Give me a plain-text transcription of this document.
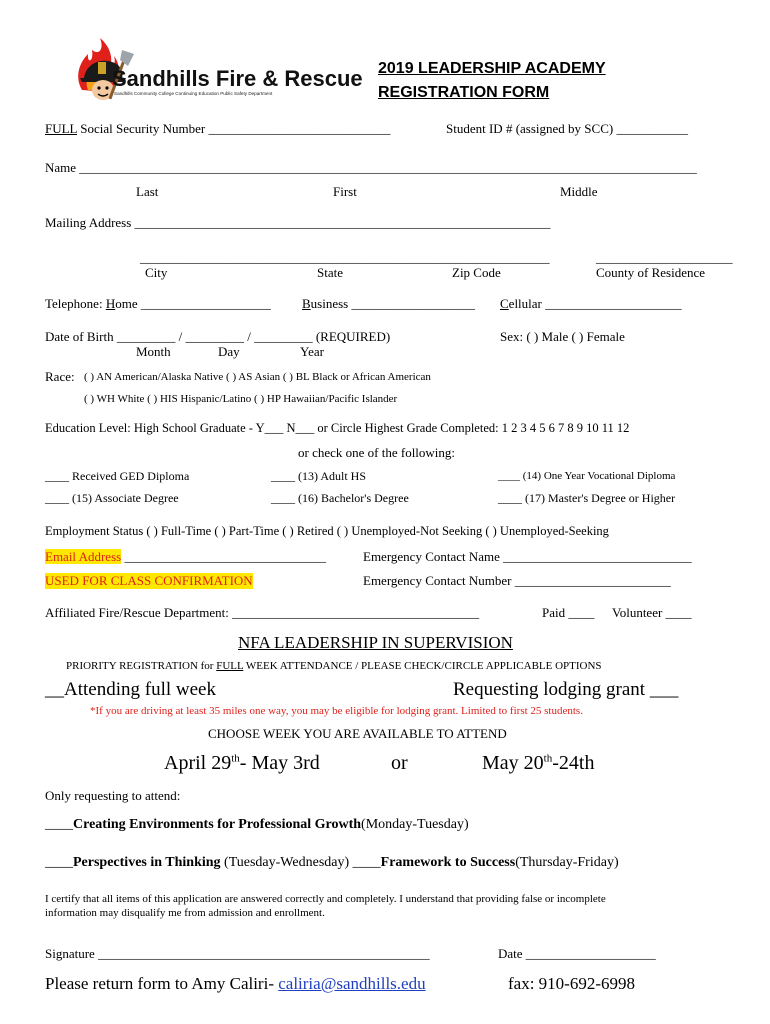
Sandhills Fire & Rescue
Sandhills Community College Continuing Education Public Safety Department
2019 LEADERSHIP ACADEMY
REGISTRATION FORM
FULL Social Security Number ____________________________	Student ID # (assigned by SCC) ___________
Name _______________________________________________________________________________________________
Last	First	Middle
Mailing Address ________________________________________________________________
_______________________________________________________________	_____________________
City	State	Zip Code	County of Residence
Telephone: Home ____________________ Business ___________________ Cellular _____________________
Date of Birth _________ / _________ / _________ (REQUIRED)
Month	Day	Year
Sex: ( ) Male ( ) Female
Race: ( ) AN American/Alaska Native ( ) AS Asian ( ) BL Black or African American
( ) WH White ( ) HIS Hispanic/Latino ( ) HP Hawaiian/Pacific Islander
Education Level: High School Graduate - Y___ N___ or Circle Highest Grade Completed: 1 2 3 4 5 6 7 8 9 10 11 12
or check one of the following:
____ Received GED Diploma	____ (13) Adult HS	____ (14) One Year Vocational Diploma
____ (15) Associate Degree	____ (16) Bachelor's Degree	____ (17) Master's Degree or Higher
Employment Status ( ) Full-Time ( ) Part-Time ( ) Retired ( ) Unemployed-Not Seeking ( ) Unemployed-Seeking
Email Address _______________________________
USED FOR CLASS CONFIRMATION
Emergency Contact Name _____________________________
Emergency Contact Number ________________________
Affiliated Fire/Rescue Department: ______________________________________	Paid ____ Volunteer ____
NFA LEADERSHIP IN SUPERVISION
PRIORITY REGISTRATION for FULL WEEK ATTENDANCE / PLEASE CHECK/CIRCLE APPLICABLE OPTIONS
__Attending full week	Requesting lodging grant ___
*If you are driving at least 35 miles one way, you may be eligible for lodging grant. Limited to first 25 students.
CHOOSE WEEK YOU ARE AVAILABLE TO ATTEND
April 29th- May 3rd	or	May 20th-24th
Only requesting to attend:
____Creating Environments for Professional Growth(Monday-Tuesday)
____Perspectives in Thinking (Tuesday-Wednesday) ____Framework to Success(Thursday-Friday)
I certify that all items of this application are answered correctly and completely. I understand that providing false or incomplete
information may disqualify me from admission and enrollment.
Signature ___________________________________________________	Date ____________________
Please return form to Amy Caliri- caliria@sandhills.edu	fax: 910-692-6998
